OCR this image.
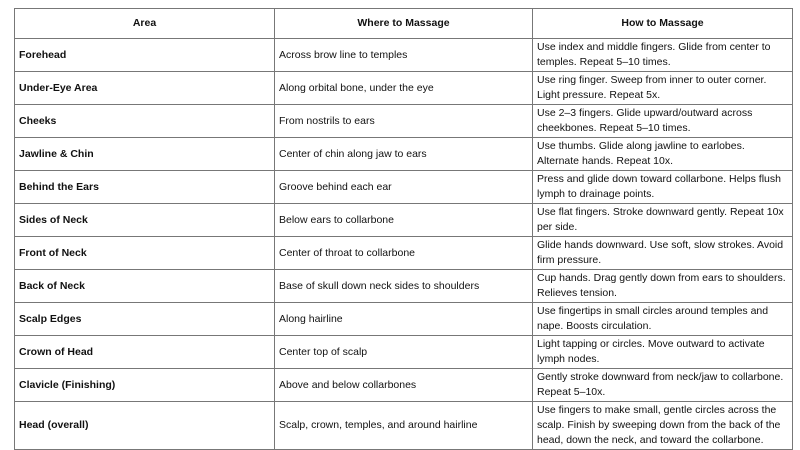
Area	Where to Massage	How to Massage
Forehead	Across brow line to temples	Use index and middle fingers. Glide from center to temples. Repeat 5–10 times.
Under-Eye Area	Along orbital bone, under the eye	Use ring finger. Sweep from inner to outer corner. Light pressure. Repeat 5x.
Cheeks	From nostrils to ears	Use 2–3 fingers. Glide upward/outward across cheekbones. Repeat 5–10 times.
Jawline & Chin	Center of chin along jaw to ears	Use thumbs. Glide along jawline to earlobes. Alternate hands. Repeat 10x.
Behind the Ears	Groove behind each ear	Press and glide down toward collarbone. Helps flush lymph to drainage points.
Sides of Neck	Below ears to collarbone	Use flat fingers. Stroke downward gently. Repeat 10x per side.
Front of Neck	Center of throat to collarbone	Glide hands downward. Use soft, slow strokes. Avoid firm pressure.
Back of Neck	Base of skull down neck sides to shoulders	Cup hands. Drag gently down from ears to shoulders. Relieves tension.
Scalp Edges	Along hairline	Use fingertips in small circles around temples and nape. Boosts circulation.
Crown of Head	Center top of scalp	Light tapping or circles. Move outward to activate lymph nodes.
Clavicle (Finishing)	Above and below collarbones	Gently stroke downward from neck/jaw to collarbone. Repeat 5–10x.
Head (overall)	Scalp, crown, temples, and around hairline	Use fingers to make small, gentle circles across the scalp. Finish by sweeping down from the back of the head, down the neck, and toward the collarbone.
